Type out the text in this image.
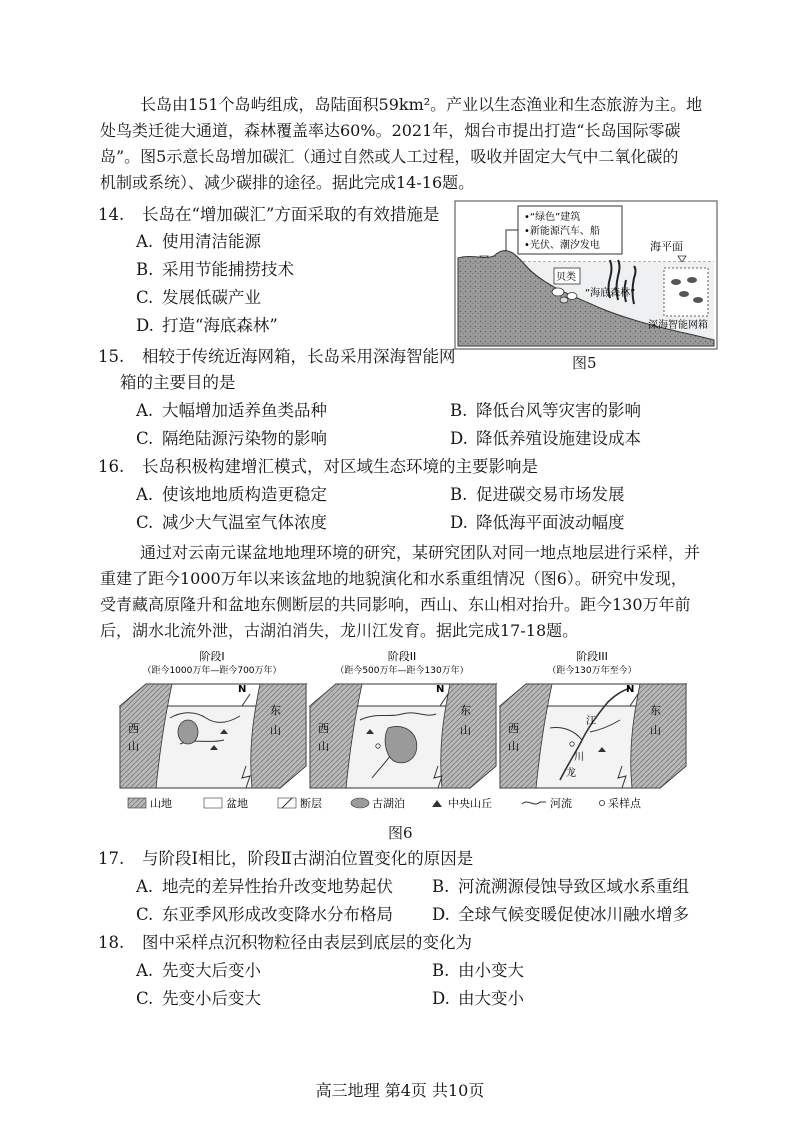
长岛由151个岛屿组成，岛陆面积59km²。产业以生态渔业和生态旅游为主。地

处鸟类迁徙大通道，森林覆盖率达60%。2021年，烟台市提出打造“长岛国际零碳

岛”。图5示意长岛增加碳汇（通过自然或人工过程，吸收并固定大气中二氧化碳的

机制或系统）、减少碳排的途径。据此完成14-16题。

14. 长岛在“增加碳汇”方面采取的有效措施是

A. 使用清洁能源
B. 采用节能捕捞技术
C. 发展低碳产业
D. 打造“海底森林”
•“绿色”建筑
•新能源汽车、船
•光伏、潮汐发电	海平面
贝类
“海底森林”
深海智能网箱
图5

15. 相较于传统近海网箱，长岛采用深海智能网

箱的主要目的是

A. 大幅增加适养鱼类品种	B. 降低台风等灾害的影响
C. 隔绝陆源污染物的影响	D. 降低养殖设施建设成本

16. 长岛积极构建增汇模式，对区域生态环境的主要影响是

A. 使该地地质构造更稳定	B. 促进碳交易市场发展
C. 减少大气温室气体浓度	D. 降低海平面波动幅度

通过对云南元谋盆地地理环境的研究，某研究团队对同一地点地层进行采样，并

重建了距今1000万年以来该盆地的地貌演化和水系重组情况（图6）。研究中发现，

受青藏高原隆升和盆地东侧断层的共同影响，西山、东山相对抬升。距今130万年前

后，湖水北流外泄，古湖泊消失，龙川江发育。据此完成17-18题。

阶段I
（距今1000万年—距今700万年）
西
山
东
山
N
阶段II
（距今500万年—距今130万年）
西
山
东
山
N
阶段III
（距今130万年至今）
西
山
东
山
江
川
龙
N
山地	盆地	断层	古湖泊	中央山丘	河流	采样点
图6

17. 与阶段Ⅰ相比，阶段Ⅱ古湖泊位置变化的原因是

A. 地壳的差异性抬升改变地势起伏 B. 河流溯源侵蚀导致区域水系重组
C. 东亚季风形成改变降水分布格局 D. 全球气候变暖促使冰川融水增多

18. 图中采样点沉积物粒径由表层到底层的变化为

A. 先变大后变小	B. 由小变大
C. 先变小后变大	D. 由大变小
高三地理 第4页 共10页
